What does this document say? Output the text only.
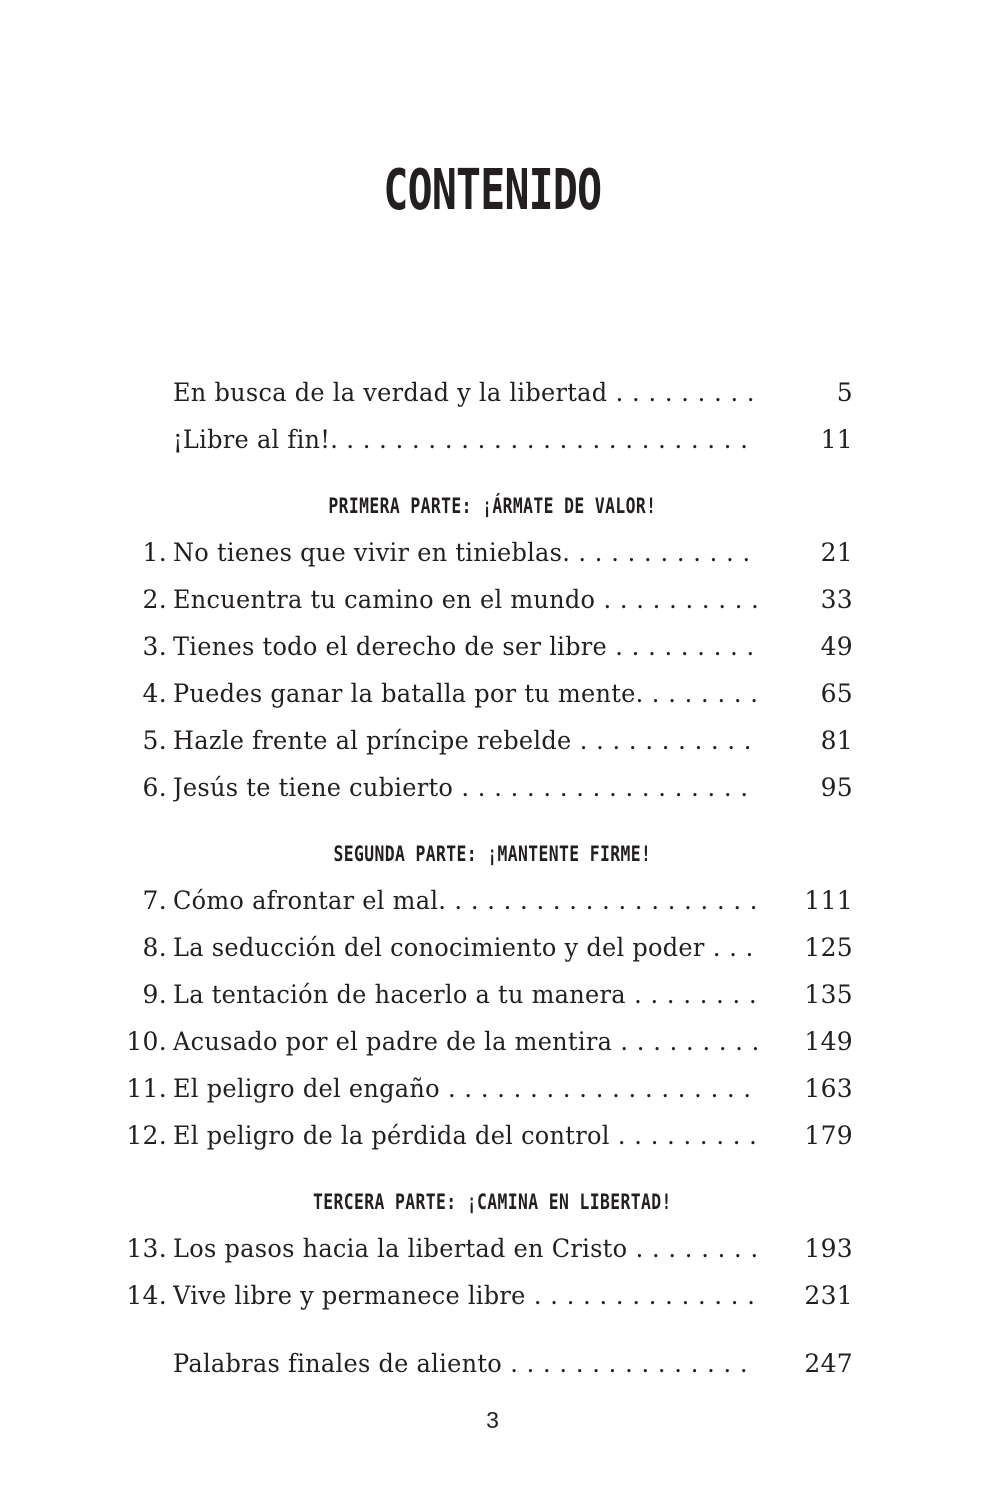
CONTENIDO
En busca de la verdad y la libertad . . .	5
¡Libre al fin!. . . .	11
PRIMERA PARTE: ¡ÁRMATE DE VALOR!
1. No tienes que vivir en tinieblas. . . .	21
2. Encuentra tu camino en el mundo . . .	33
3. Tienes todo el derecho de ser libre . . .	49
4. Puedes ganar la batalla por tu mente. . . .	65
5. Hazle frente al príncipe rebelde . . .	81
6. Jesús te tiene cubierto . . .	95
SEGUNDA PARTE: ¡MANTENTE FIRME!
7. Cómo afrontar el mal. . . .	111
8. La seducción del conocimiento y del poder . . .	125
9. La tentación de hacerlo a tu manera . . .	135
10. Acusado por el padre de la mentira . . .	149
11. El peligro del engaño . . .	163
12. El peligro de la pérdida del control . . .	179
TERCERA PARTE: ¡CAMINA EN LIBERTAD!
13. Los pasos hacia la libertad en Cristo . . .	193
14. Vive libre y permanece libre . . .	231
Palabras finales de aliento . . .	247
3
